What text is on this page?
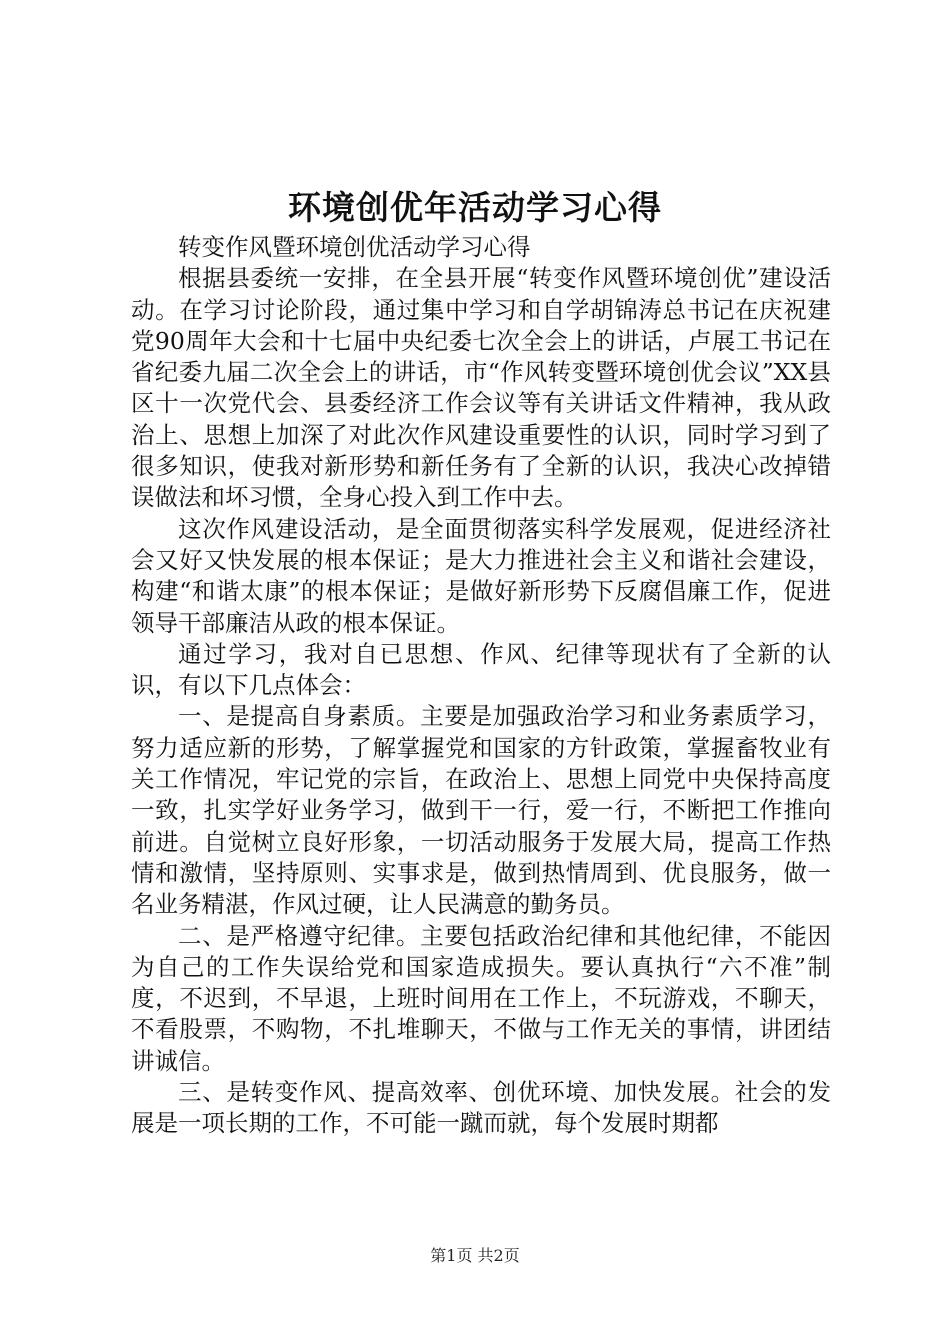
环境创优年活动学习心得

转变作风暨环境创优活动学习心得

根据县委统一安排，在全县开展“转变作风暨环境创优”建设活动。在学习讨论阶段，通过集中学习和自学胡锦涛总书记在庆祝建党90周年大会和十七届中央纪委七次全会上的讲话，卢展工书记在省纪委九届二次全会上的讲话，市“作风转变暨环境创优会议”XX县区十一次党代会、县委经济工作会议等有关讲话文件精神，我从政治上、思想上加深了对此次作风建设重要性的认识，同时学习到了很多知识，使我对新形势和新任务有了全新的认识，我决心改掉错误做法和坏习惯，全身心投入到工作中去。

这次作风建设活动，是全面贯彻落实科学发展观，促进经济社会又好又快发展的根本保证；是大力推进社会主义和谐社会建设，构建“和谐太康”的根本保证；是做好新形势下反腐倡廉工作，促进领导干部廉洁从政的根本保证。

通过学习，我对自已思想、作风、纪律等现状有了全新的认识，有以下几点体会：

一、是提高自身素质。主要是加强政治学习和业务素质学习，努力适应新的形势，了解掌握党和国家的方针政策，掌握畜牧业有关工作情况，牢记党的宗旨，在政治上、思想上同党中央保持高度一致，扎实学好业务学习，做到干一行，爱一行，不断把工作推向前进。自觉树立良好形象，一切活动服务于发展大局，提高工作热情和激情，坚持原则、实事求是，做到热情周到、优良服务，做一名业务精湛，作风过硬，让人民满意的勤务员。

二、是严格遵守纪律。主要包括政治纪律和其他纪律，不能因为自己的工作失误给党和国家造成损失。要认真执行“六不准”制度，不迟到，不早退，上班时间用在工作上，不玩游戏，不聊天，不看股票，不购物，不扎堆聊天，不做与工作无关的事情，讲团结讲诚信。

三、是转变作风、提高效率、创优环境、加快发展。社会的发展是一项长期的工作，不可能一蹴而就，每个发展时期都

第1页 共2页
